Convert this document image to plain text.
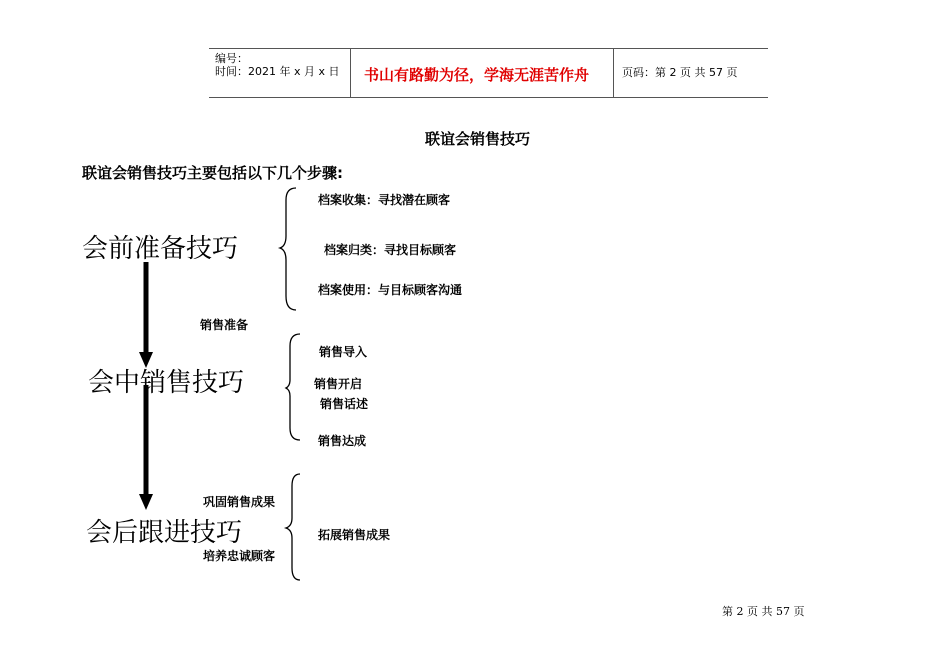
编号：
时间：2021 年 x 月 x 日 书山有路勤为径，学海无涯苦作舟	页码：第 2 页 共 57 页
联谊会销售技巧
联谊会销售技巧主要包括以下几个步骤:
会前准备技巧
档案收集：寻找潜在顾客
档案归类：寻找目标顾客
档案使用：与目标顾客沟通
销售准备
会中销售技巧
销售导入
销售开启
销售话述
销售达成
会后跟进技巧
巩固销售成果
培养忠诚顾客
拓展销售成果
第 2 页 共 57 页
